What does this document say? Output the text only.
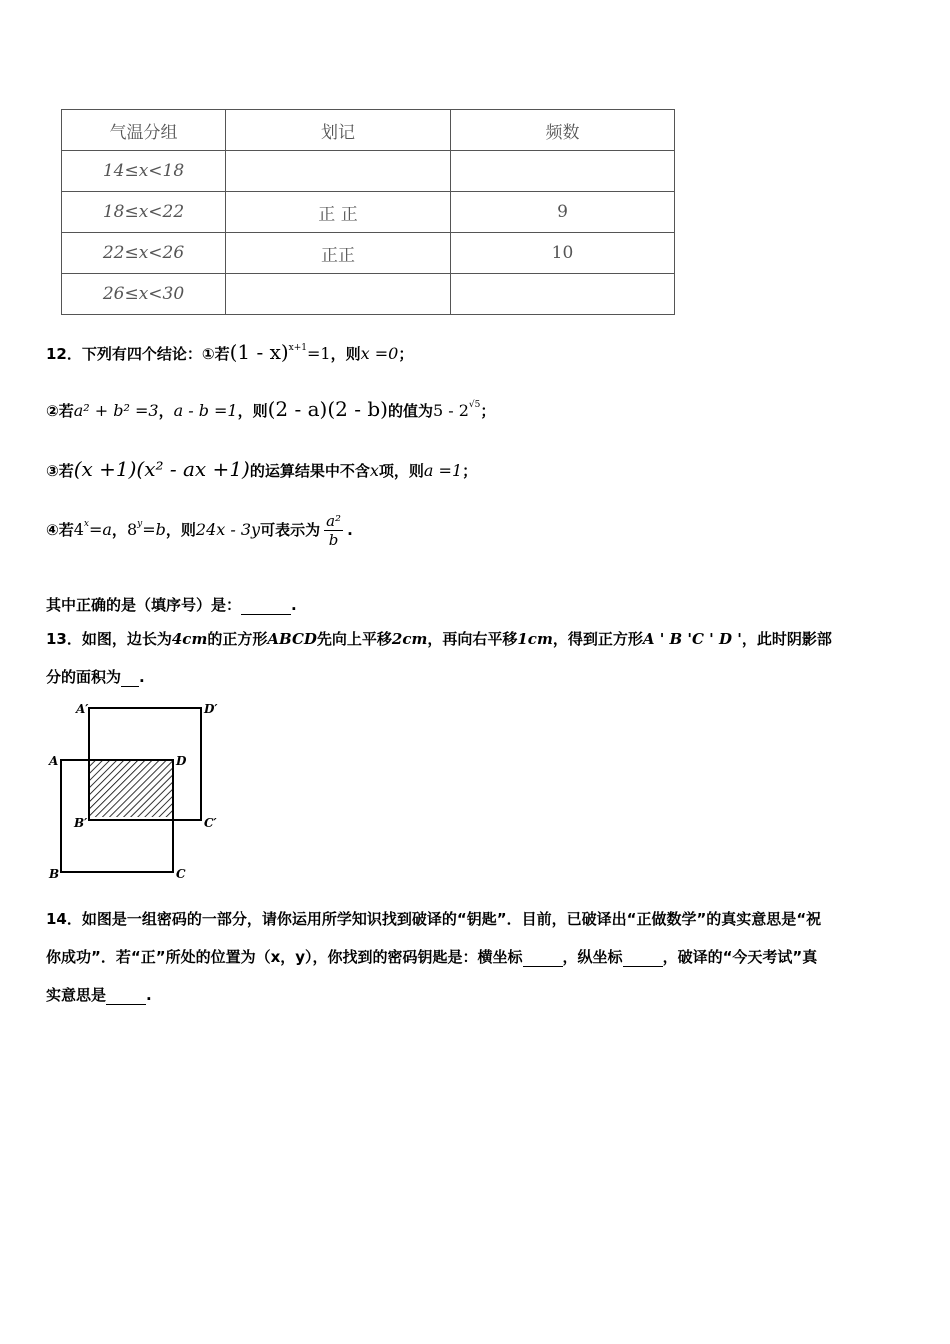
气温分组	划记	频数
14≤x<18		
18≤x<22	正 正	9
22≤x<26	正正	10
26≤x<30		
12．下列有四个结论：①若(1 - x)$^{x+1}$=1，则x =0；
②若a² + b² =3，a - b =1，则(2 - a)(2 - b)的值为$5 - 2^{√5}$；
③若(x +1)(x² - ax +1)的运算结果中不含x项，则a =1；
④若$4^x=a$，$8^y=b$，则24x - 3y可表示为 $\frac{\text{a²}}{b}$ .
其中正确的是（填序号）是：	.
13．如图，边长为4cm的正方形ABCD先向上平移2cm，再向右平移1cm，得到正方形A ' B 'C ' D '，此时阴影部
分的面积为 .
A′	D′
A	D
B′	C′
B	C
14．如图是一组密码的一部分，请你运用所学知识找到破译的“钥匙”．目前，已破译出“正做数学”的真实意思是“祝
你成功”．若“正”所处的位置为（x，y），你找到的密码钥匙是：横坐标	，纵坐标	，破译的“今天考试”真
实意思是	.
